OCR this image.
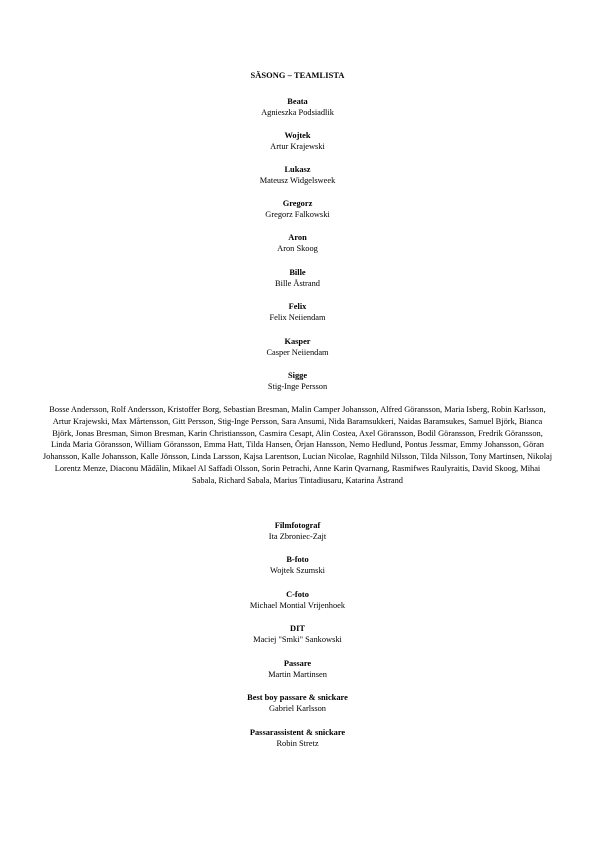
SÄSONG – TEAMLISTA
Beata
Agnieszka Podsiadlik
Wojtek
Artur Krajewski
Lukasz
Mateusz Widgelsweek
Gregorz
Gregorz Falkowski
Aron
Aron Skoog
Bille
Bille Åstrand
Felix
Felix Neiiendam
Kasper
Casper Neiiendam
Sigge
Stig-Inge Persson
Bosse Andersson, Rolf Andersson, Kristoffer Borg, Sebastian Bresman, Malin Camper Johansson, Alfred Göransson, Maria Isberg, Robin Karlsson, Artur Krajewski, Max Mårtensson, Gitt Persson, Stig-Inge Persson, Sara Ansumi, Nida Baramsukkeri, Naidas Baramsukes, Samuel Björk, Bianca Björk, Jonas Bresman, Simon Bresman, Karin Christiansson, Casmira Cesapt, Alin Costea, Axel Göransson, Bodil Göransson, Fredrik Göransson, Linda Maria Göransson, William Göransson, Emma Hatt, Tilda Hansen, Örjan Hansson, Nemo Hedlund, Pontus Jessmar, Emmy Johansson, Göran Johansson, Kalle Johansson, Kalle Jönsson, Linda Larsson, Kajsa Larentson, Lucian Nicolae, Ragnhild Nilsson, Tilda Nilsson, Tony Martinsen, Nikolaj Lorentz Menze, Diaconu Mădălin, Mikael Al Saffadi Olsson, Sorin Petrachi, Anne Karin Qvarnang, Rasmifwes Raulyraitis, David Skoog, Mihai Sabala, Richard Sabala, Marius Tintadiusaru, Katarina Åstrand
Filmfotograf
Ita Zbroniec-Zajt
B-foto
Wojtek Szumski
C-foto
Michael Montial Vrijenhoek
DIT
Maciej "Smki" Sankowski
Passare
Martin Martinsen
Best boy passare & snickare
Gabriel Karlsson
Passarassistent & snickare
Robin Stretz
